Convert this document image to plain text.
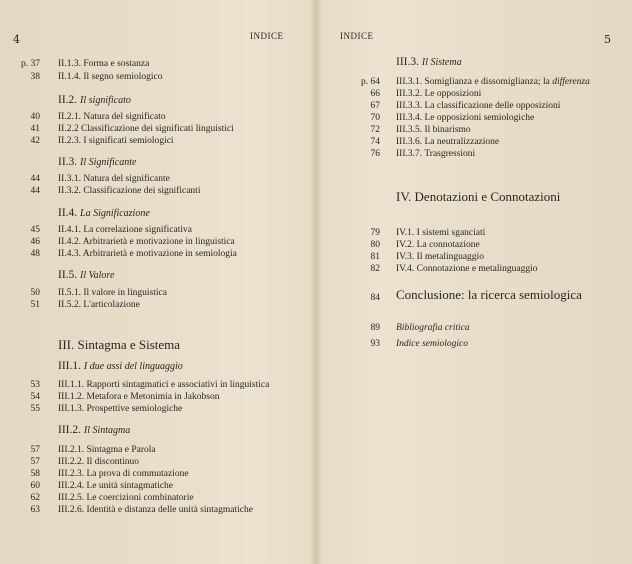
4	INDICE
p. 37 II.1.3. Forma e sostanza
38 II.1.4. Il segno semiologico
II.2. Il significato
40 II.2.1. Natura del significato
41 II.2.2 Classificazione dei significati linguistici
42 II.2.3. I significati semiologici
II.3. Il Significante
44 II.3.1. Natura del significante
44 II.3.2. Classificazione dei significanti
II.4. La Significazione
45 II.4.1. La correlazione significativa
46 II.4.2. Arbitrarietà e motivazione in linguistica
48 II.4.3. Arbitrarietà e motivazione in semiologia
II.5. Il Valore
50 II.5.1. Il valore in linguistica
51 II.5.2. L'articolazione
III. Sintagma e Sistema
III.1. I due assi del linguaggio
53 III.1.1. Rapporti sintagmatici e associativi in linguistica
54 III.1.2. Metafora e Metonimia in Jakobson
55 III.1.3. Prospettive semiologiche
III.2. Il Sintagma
57 III.2.1. Sintagma e Parola
57 III.2.2. Il discontinuo
58 III.2.3. La prova di commutazione
60 III.2.4. Le unità sintagmatiche
62 III.2.5. Le coercizioni combinatorie
63 III.2.6. Identità e distanza delle unità sintagmatiche
INDICE	5
III.3. Il Sistema
p. 64 III.3.1. Somiglianza e dissomiglianza; la differenza
66 III.3.2. Le opposizioni
67 III.3.3. La classificazione delle opposizioni
70 III.3.4. Le opposizioni semiologiche
72 III.3.5. Il binarismo
74 III.3.6. La neutralizzazione
76 III.3.7. Trasgressioni
IV. Denotazioni e Connotazioni
79 IV.1. I sistemi sganciati
80 IV.2. La connotazione
81 IV.3. Il metalinguaggio
82 IV.4. Connotazione e metalinguaggio
84 Conclusione: la ricerca semiologica
89 Bibliografia critica
93 Indice semiologico
